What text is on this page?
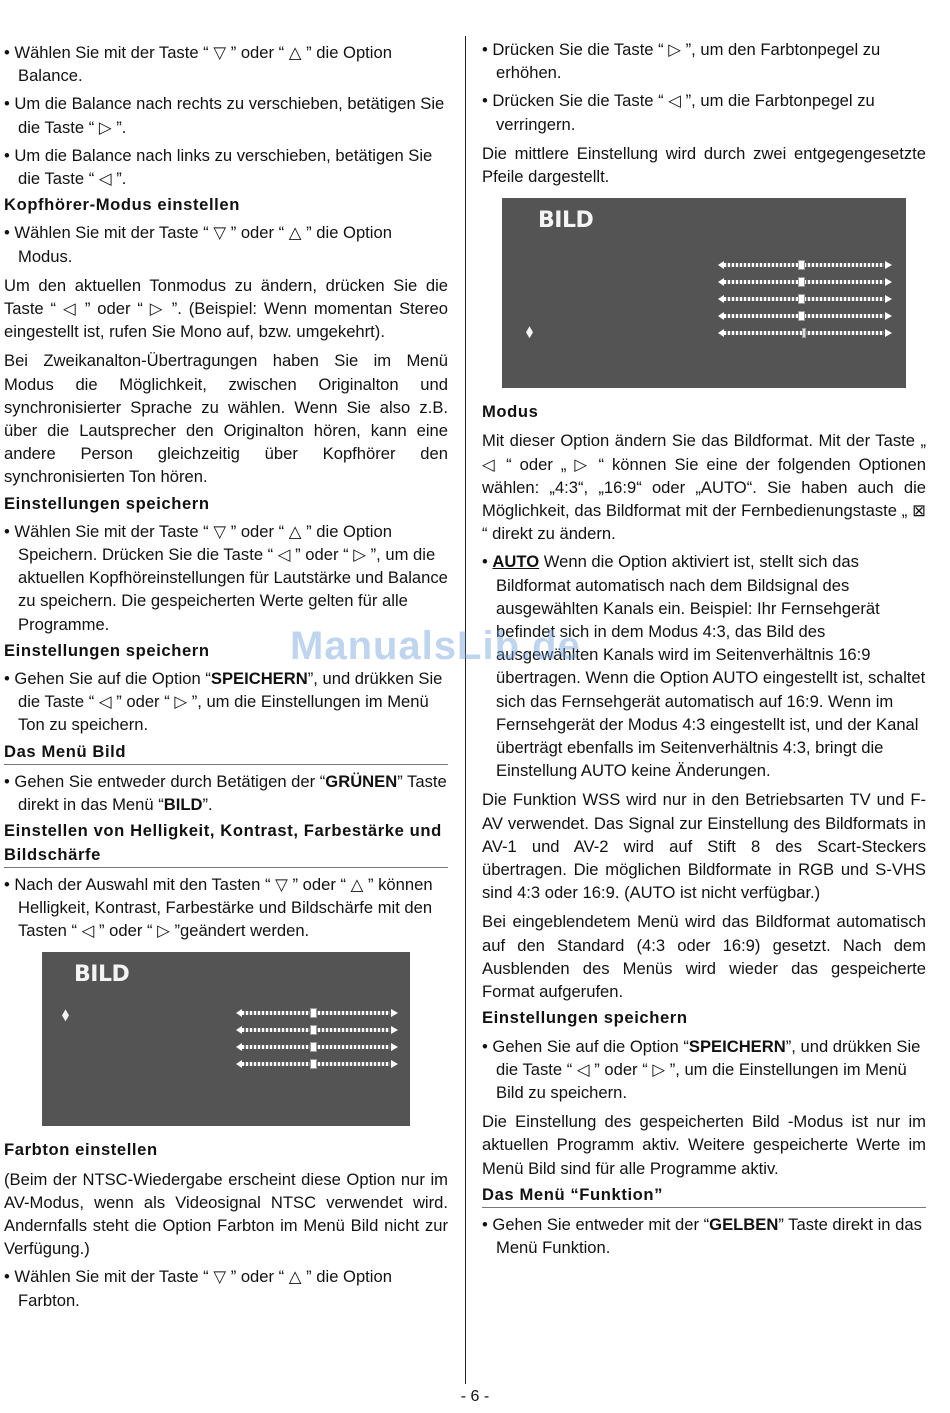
• Wählen Sie mit der Taste “ ▽ ” oder “ △ ” die Option Balance.
• Um die Balance nach rechts zu verschieben, betätigen Sie die Taste “ ▷ ”.
• Um die Balance nach links zu verschieben, betätigen Sie die Taste “ ◁ ”.
Kopfhörer-Modus einstellen
• Wählen Sie mit der Taste “ ▽ ” oder “ △ ” die Option Modus.

Um den aktuellen Tonmodus zu ändern, drücken Sie die Taste “ ◁ ” oder “ ▷ ”. (Beispiel: Wenn momentan Stereo eingestellt ist, rufen Sie Mono auf, bzw. umgekehrt).

Bei Zweikanalton-Übertragungen haben Sie im Menü Modus die Möglichkeit, zwischen Originalton und synchronisierter Sprache zu wählen. Wenn Sie also z.B. über die Lautsprecher den Originalton hören, kann eine andere Person gleichzeitig über Kopfhörer den synchronisierten Ton hören.

Einstellungen speichern
• Wählen Sie mit der Taste “ ▽ ” oder “ △ ” die Option Speichern. Drücken Sie die Taste “ ◁ ” oder “ ▷ ”, um die aktuellen Kopfhöreinstellungen für Lautstärke und Balance zu speichern. Die gespeicherten Werte gelten für alle Programme.
Einstellungen speichern
• Gehen Sie auf die Option “SPEICHERN”, und drükken Sie die Taste “ ◁ ” oder “ ▷ ”, um die Einstellungen im Menü Ton zu speichern.
Das Menü Bild
• Gehen Sie entweder durch Betätigen der “GRÜNEN” Taste direkt in das Menü “BILD”.
Einstellen von Helligkeit, Kontrast, Farbestärke und Bildschärfe
• Nach der Auswahl mit den Tasten “ ▽ ” oder “ △ ” können Helligkeit, Kontrast, Farbestärke und Bildschärfe mit den Tasten “ ◁ ” oder “ ▷ ”geändert werden.
BILD
Farbton einstellen

(Beim der NTSC-Wiedergabe erscheint diese Option nur im AV-Modus, wenn als Videosignal NTSC verwendet wird. Andernfalls steht die Option Farbton im Menü Bild nicht zur Verfügung.)

• Wählen Sie mit der Taste “ ▽ ” oder “ △ ” die Option Farbton.
• Drücken Sie die Taste “ ▷ ”, um den Farbtonpegel zu erhöhen.
• Drücken Sie die Taste “ ◁ ”, um die Farbtonpegel zu verringern.

Die mittlere Einstellung wird durch zwei entgegengesetzte Pfeile dargestellt.

BILD
Modus

Mit dieser Option ändern Sie das Bildformat. Mit der Taste „ ◁ “ oder „ ▷ “ können Sie eine der folgenden Optionen wählen: „4:3“, „16:9“ oder „AUTO“. Sie haben auch die Möglichkeit, das Bildformat mit der Fernbedienungstaste „ ⊠ “ direkt zu ändern.

• AUTO Wenn die Option aktiviert ist, stellt sich das Bildformat automatisch nach dem Bildsignal des ausgewählten Kanals ein. Beispiel: Ihr Fernsehgerät befindet sich in dem Modus 4:3, das Bild des ausgewählten Kanals wird im Seitenverhältnis 16:9 übertragen. Wenn die Option AUTO eingestellt ist, schaltet sich das Fernsehgerät automatisch auf 16:9. Wenn im Fernsehgerät der Modus 4:3 eingestellt ist, und der Kanal überträgt ebenfalls im Seitenverhältnis 4:3, bringt die Einstellung AUTO keine Änderungen.

Die Funktion WSS wird nur in den Betriebsarten TV und F-AV verwendet. Das Signal zur Einstellung des Bildformats in AV-1 und AV-2 wird auf Stift 8 des Scart-Steckers übertragen. Die möglichen Bildformate in RGB und S-VHS sind 4:3 oder 16:9. (AUTO ist nicht verfügbar.)

Bei eingeblendetem Menü wird das Bildformat automatisch auf den Standard (4:3 oder 16:9) gesetzt. Nach dem Ausblenden des Menüs wird wieder das gespeicherte Format aufgerufen.

Einstellungen speichern
• Gehen Sie auf die Option “SPEICHERN”, und drükken Sie die Taste “ ◁ ” oder “ ▷ ”, um die Einstellungen im Menü Bild zu speichern.

Die Einstellung des gespeicherten Bild -Modus ist nur im aktuellen Programm aktiv. Weitere gespeicherte Werte im Menü Bild sind für alle Programme aktiv.

Das Menü “Funktion”
• Gehen Sie entweder mit der “GELBEN” Taste direkt in das Menü Funktion.
ManualsLib.de
- 6 -
